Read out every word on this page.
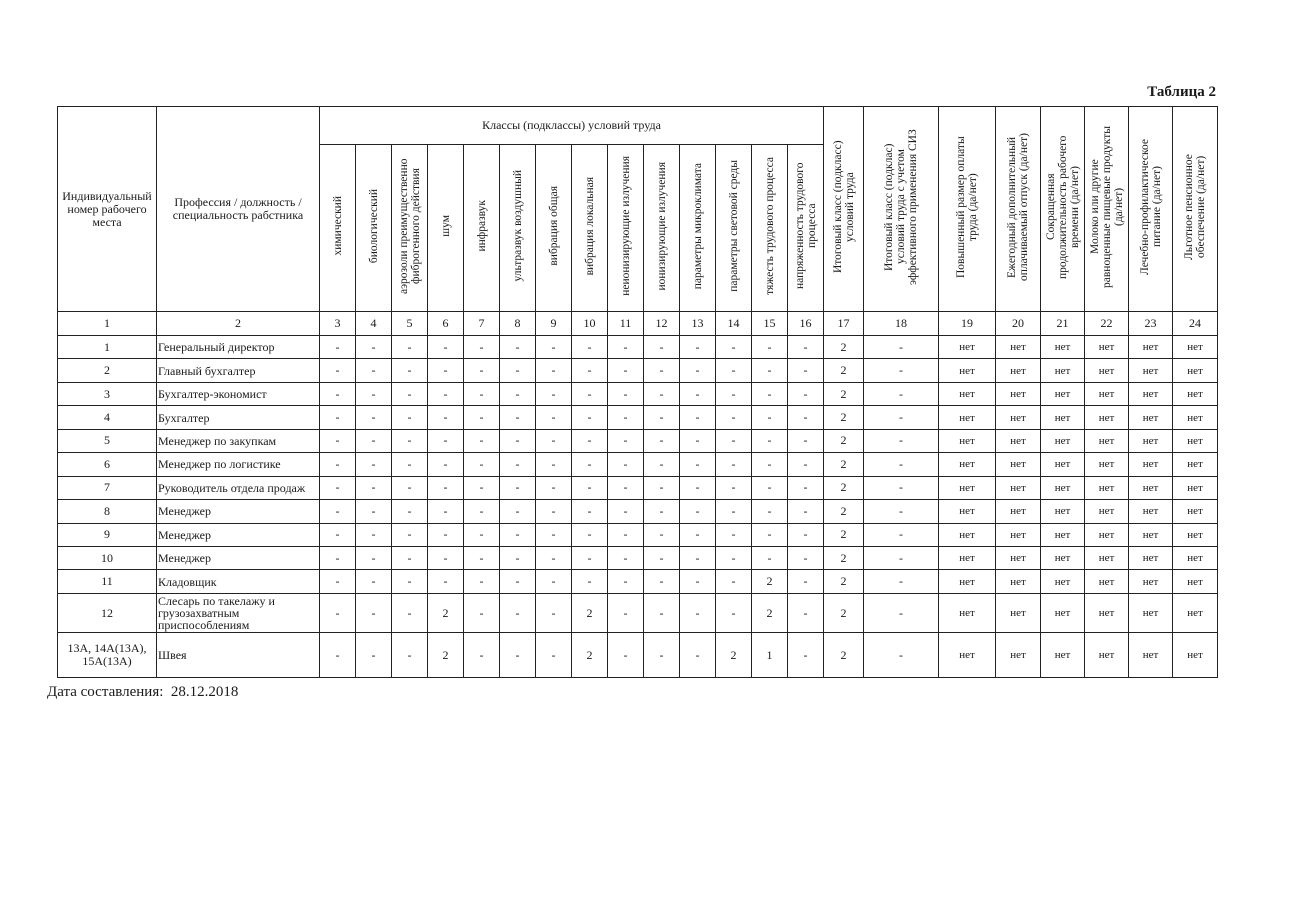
Таблица 2
Индивидуальный номер рабочего места	Профессия / должность / специальность рабстника	Классы (подклассы) условий труда														Итоговый класс (подкласс) условий труда	Итоговый класс (подклас) условий труда с учетом эффективного применения СИЗ	Повышенный размер оплаты труда (да/нет)	Ежегодный дополнительный оплачиваемый отпуск (да/нет)	Сокращенная продолжительность рабочего времени (да/нет)	Молоко или другие равноценные пищевые продукты (да/нет)	Лечебно-профилактическое питание (да/нет)	Льготное пенсионное обеспечение (да/нет)
		химический	биологический	аэрозоли преимущественно фиброгенного действия	шум	инфразвук	ультразвук воздушный	вибрация общая	вибрация локальная	неионизирующие излучения	ионизирующие излучения	параметры микроклимата	параметры световой среды	тяжесть трудового процесса	напряженность трудового процесса								
1	2	3	4	5	6	7	8	9	10	11	12	13	14	15	16	17	18	19	20	21	22	23	24
1	Генеральный директор	-	-	-	-	-	-	-	-	-	-	-	-	-	-	2	-	нет	нет	нет	нет	нет	нет
2	Главный бухгалтер	-	-	-	-	-	-	-	-	-	-	-	-	-	-	2	-	нет	нет	нет	нет	нет	нет
3	Бухгалтер-экономист	-	-	-	-	-	-	-	-	-	-	-	-	-	-	2	-	нет	нет	нет	нет	нет	нет
4	Бухгалтер	-	-	-	-	-	-	-	-	-	-	-	-	-	-	2	-	нет	нет	нет	нет	нет	нет
5	Менеджер по закупкам	-	-	-	-	-	-	-	-	-	-	-	-	-	-	2	-	нет	нет	нет	нет	нет	нет
6	Менеджер по логистике	-	-	-	-	-	-	-	-	-	-	-	-	-	-	2	-	нет	нет	нет	нет	нет	нет
7	Руководитель отдела продаж	-	-	-	-	-	-	-	-	-	-	-	-	-	-	2	-	нет	нет	нет	нет	нет	нет
8	Менеджер	-	-	-	-	-	-	-	-	-	-	-	-	-	-	2	-	нет	нет	нет	нет	нет	нет
9	Менеджер	-	-	-	-	-	-	-	-	-	-	-	-	-	-	2	-	нет	нет	нет	нет	нет	нет
10	Менеджер	-	-	-	-	-	-	-	-	-	-	-	-	-	-	2	-	нет	нет	нет	нет	нет	нет
11	Кладовщик	-	-	-	-	-	-	-	-	-	-	-	-	2	-	2	-	нет	нет	нет	нет	нет	нет
12	Слесарь по такелажу и грузозахватным приспособлениям	-	-	-	2	-	-	-	2	-	-	-	-	2	-	2	-	нет	нет	нет	нет	нет	нет
13А, 14А(13А), 15А(13А)	Швея	-	-	-	2	-	-	-	2	-	-	-	2	1	-	2	-	нет	нет	нет	нет	нет	нет
Дата составления: 28.12.2018
